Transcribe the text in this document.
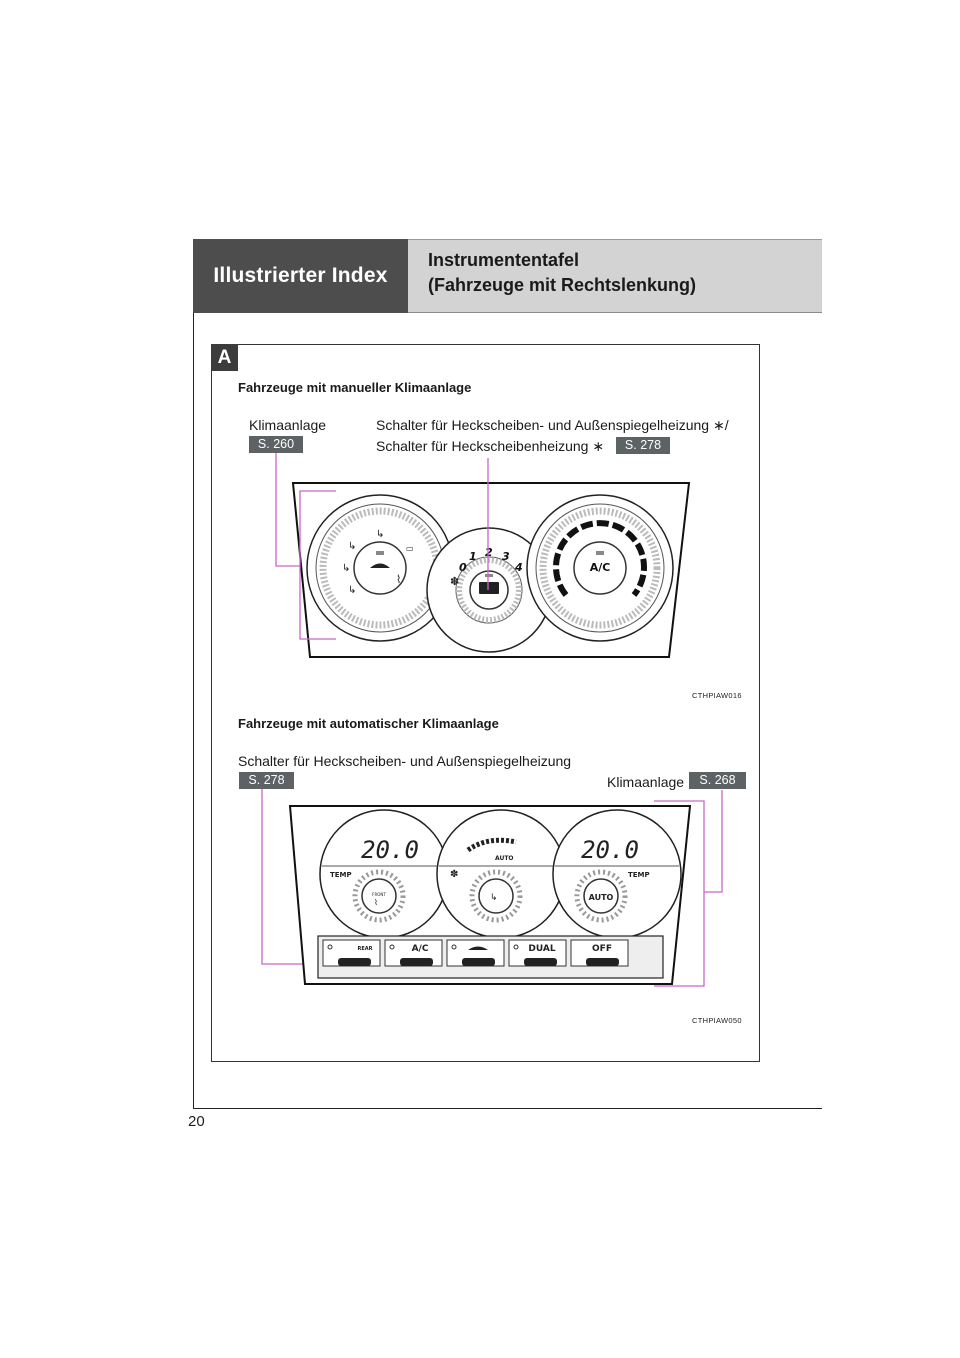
Illustrierter Index
Instrumententafel
(Fahrzeuge mit Rechtslenkung)
20
A
Fahrzeuge mit manueller Klimaanlage
Klimaanlage
S. 260
Schalter für Heckscheiben- und Außenspiegelheizung ∗/
Schalter für Heckscheibenheizung ∗	S. 278
CTHPIAW016
↳
↳
↳
↳
▭
⌇
0
1 2 3
4
✽
A/C
Fahrzeuge mit automatischer Klimaanlage
Schalter für Heckscheiben- und Außenspiegelheizung
S. 278	Klimaanlage	S. 268
CTHPIAW050
20.0
TEMP
FRONT
⌇
✽
AUTO
↳
20.0
TEMP
AUTO
REAR	A/C	DUAL	OFF
